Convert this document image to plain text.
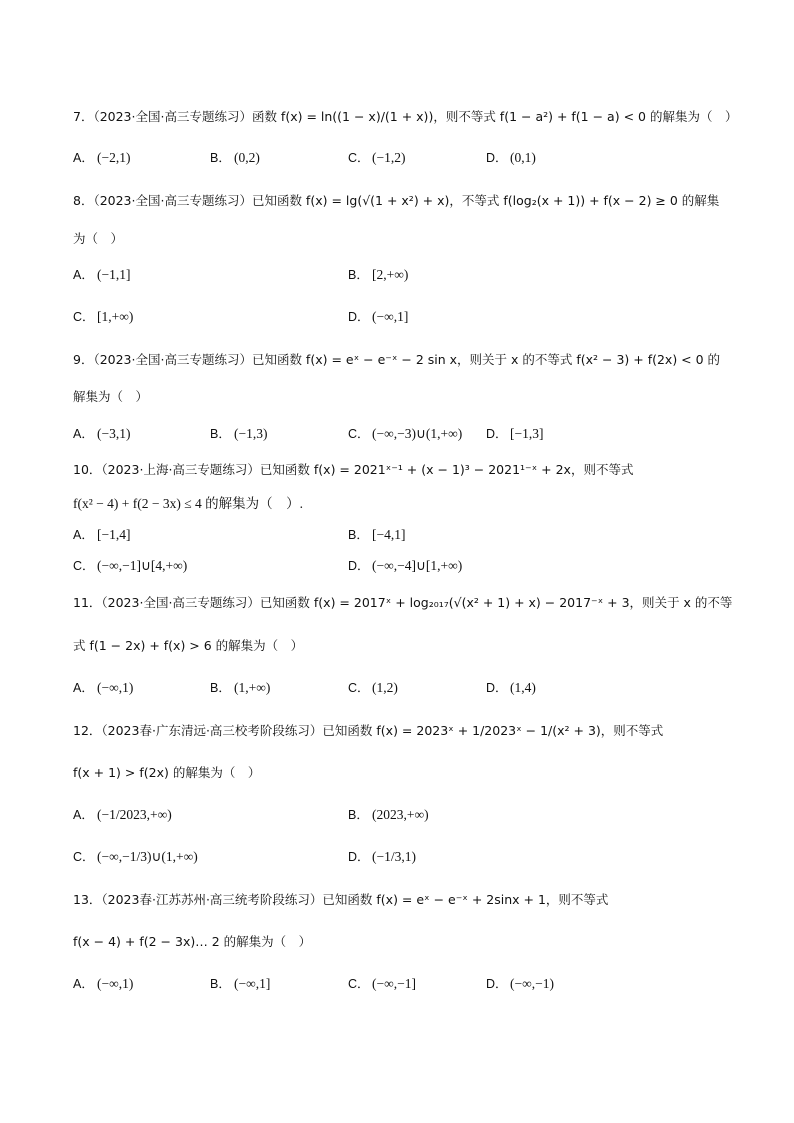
7．（2023·全国·高三专题练习）函数 f(x) = ln((1 − x)/(1 + x))，则不等式 f(1 − a²) + f(1 − a) < 0 的解集为（　）
A． (−2,1)	B． (0,2)	C． (−1,2)	D． (0,1)
8．（2023·全国·高三专题练习）已知函数 f(x) = lg(√(1 + x²) + x)，不等式 f(log₂(x + 1)) + f(x − 2) ≥ 0 的解集
为（　）
A． (−1,1]	B． [2,+∞)
C． [1,+∞)	D． (−∞,1]
9．（2023·全国·高三专题练习）已知函数 f(x) = eˣ − e⁻ˣ − 2 sin x，则关于 x 的不等式 f(x² − 3) + f(2x) < 0 的
解集为（　）
A． (−3,1)	B． (−1,3)	C． (−∞,−3)∪(1,+∞) D． [−1,3]
10．（2023·上海·高三专题练习）已知函数 f(x) = 2021ˣ⁻¹ + (x − 1)³ − 2021¹⁻ˣ + 2x，则不等式
f(x² − 4) + f(2 − 3x) ≤ 4 的解集为（　）.
A． [−1,4]	B． [−4,1]
C． (−∞,−1]∪[4,+∞)	D． (−∞,−4]∪[1,+∞)
11．（2023·全国·高三专题练习）已知函数 f(x) = 2017ˣ + log₂₀₁₇(√(x² + 1) + x) − 2017⁻ˣ + 3，则关于 x 的不等
式 f(1 − 2x) + f(x) > 6 的解集为（　）
A． (−∞,1)	B． (1,+∞)	C． (1,2)	D． (1,4)
12．（2023春·广东清远·高三校考阶段练习）已知函数 f(x) = 2023ˣ + 1/2023ˣ − 1/(x² + 3)，则不等式
f(x + 1) > f(2x) 的解集为（　）
A． (−1/2023,+∞)	B． (2023,+∞)
C． (−∞,−1/3)∪(1,+∞)	D． (−1/3,1)
13．（2023春·江苏苏州·高三统考阶段练习）已知函数 f(x) = eˣ − e⁻ˣ + 2sinx + 1，则不等式
f(x − 4) + f(2 − 3x)… 2 的解集为（　）
A． (−∞,1)	B． (−∞,1]	C． (−∞,−1]	D． (−∞,−1)
